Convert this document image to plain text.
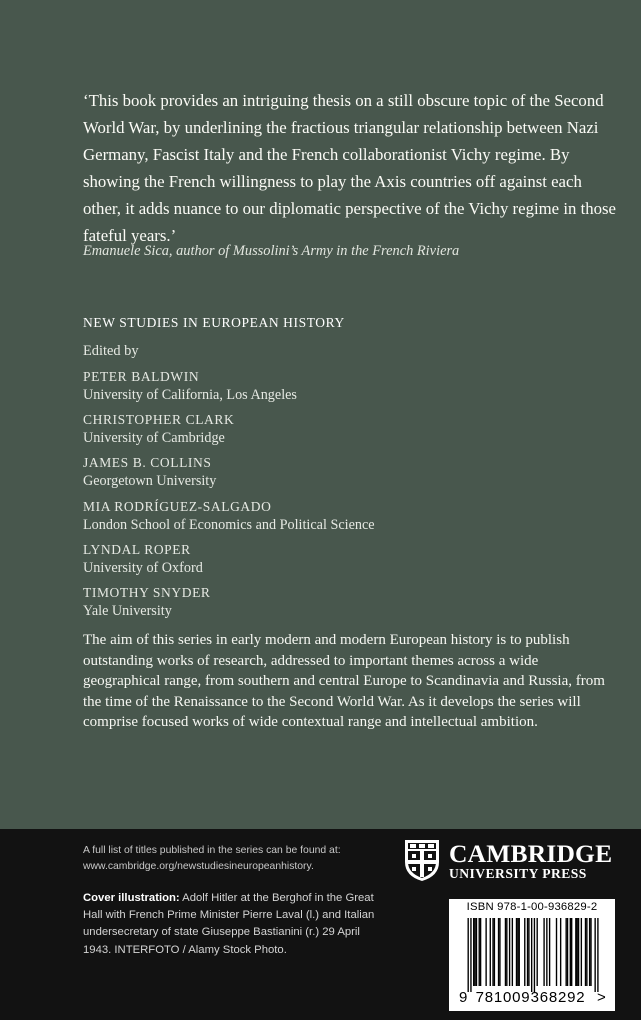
‘This book provides an intriguing thesis on a still obscure topic of the Second World War, by underlining the fractious triangular relationship between Nazi Germany, Fascist Italy and the French collaborationist Vichy regime. By showing the French willingness to play the Axis countries off against each other, it adds nuance to our diplomatic perspective of the Vichy regime in those fateful years.’

Emanuele Sica, author of Mussolini’s Army in the French Riviera

NEW STUDIES IN EUROPEAN HISTORY
Edited by
PETER BALDWIN
University of California, Los Angeles
CHRISTOPHER CLARK
University of Cambridge
JAMES B. COLLINS
Georgetown University
MIA RODRÍGUEZ-SALGADO
London School of Economics and Political Science
LYNDAL ROPER
University of Oxford
TIMOTHY SNYDER
Yale University

The aim of this series in early modern and modern European history is to publish outstanding works of research, addressed to important themes across a wide geographical range, from southern and central Europe to Scandinavia and Russia, from the time of the Renaissance to the Second World War. As it develops the series will comprise focused works of wide contextual range and intellectual ambition.

A full list of titles published in the series can be found at: www.cambridge.org/newstudiesineuropeanhistory.

Cover illustration: Adolf Hitler at the Berghof in the Great Hall with French Prime Minister Pierre Laval (l.) and Italian undersecretary of state Giuseppe Bastianini (r.) 29 April 1943. INTERFOTO / Alamy Stock Photo.

CAMBRIDGE
UNIVERSITY PRESS
ISBN 978-1-00-936829-2
9 781009 368292 >
